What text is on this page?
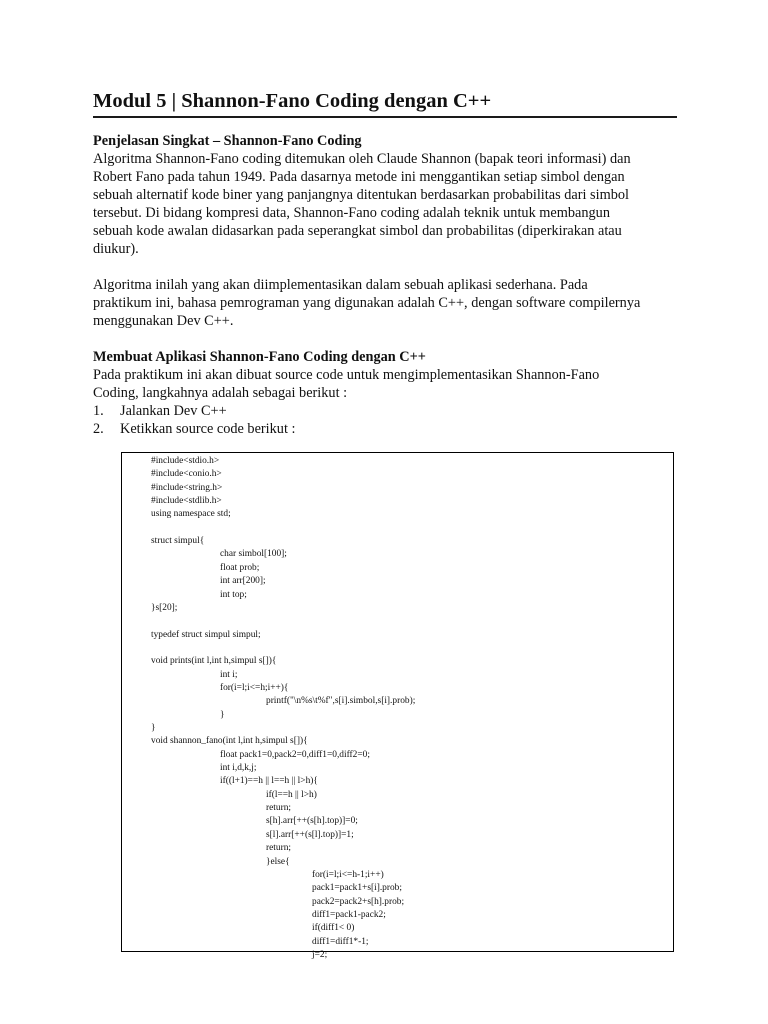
Modul 5 | Shannon-Fano Coding dengan C++
Penjelasan Singkat – Shannon-Fano Coding

Algoritma Shannon-Fano coding ditemukan oleh Claude Shannon (bapak teori informasi) dan

Robert Fano pada tahun 1949. Pada dasarnya metode ini menggantikan setiap simbol dengan

sebuah alternatif kode biner yang panjangnya ditentukan berdasarkan probabilitas dari simbol

tersebut. Di bidang kompresi data, Shannon-Fano coding adalah teknik untuk membangun

sebuah kode awalan didasarkan pada seperangkat simbol dan probabilitas (diperkirakan atau

diukur).

Algoritma inilah yang akan diimplementasikan dalam sebuah aplikasi sederhana. Pada

praktikum ini, bahasa pemrograman yang digunakan adalah C++, dengan software compilernya

menggunakan Dev C++.

Membuat Aplikasi Shannon-Fano Coding dengan C++

Pada praktikum ini akan dibuat source code untuk mengimplementasikan Shannon-Fano

Coding, langkahnya adalah sebagai berikut :

1.	Jalankan Dev C++
2.	Ketikkan source code berikut :
#include<stdio.h>
#include<conio.h>
#include<string.h>
#include<stdlib.h>
using namespace std;
struct simpul{
char simbol[100];
float prob;
int arr[200];
int top;
}s[20];
typedef struct simpul simpul;
void prints(int l,int h,simpul s[]){
int i;
for(i=l;i<=h;i++){
printf("\n%s\t%f",s[i].simbol,s[i].prob);
}
}
void shannon_fano(int l,int h,simpul s[]){
float pack1=0,pack2=0,diff1=0,diff2=0;
int i,d,k,j;
if((l+1)==h || l==h || l>h){
if(l==h || l>h)
return;
s[h].arr[++(s[h].top)]=0;
s[l].arr[++(s[l].top)]=1;
return;
}else{
for(i=l;i<=h-1;i++)
pack1=pack1+s[i].prob;
pack2=pack2+s[h].prob;
diff1=pack1-pack2;
if(diff1< 0)
diff1=diff1*-1;
j=2;
